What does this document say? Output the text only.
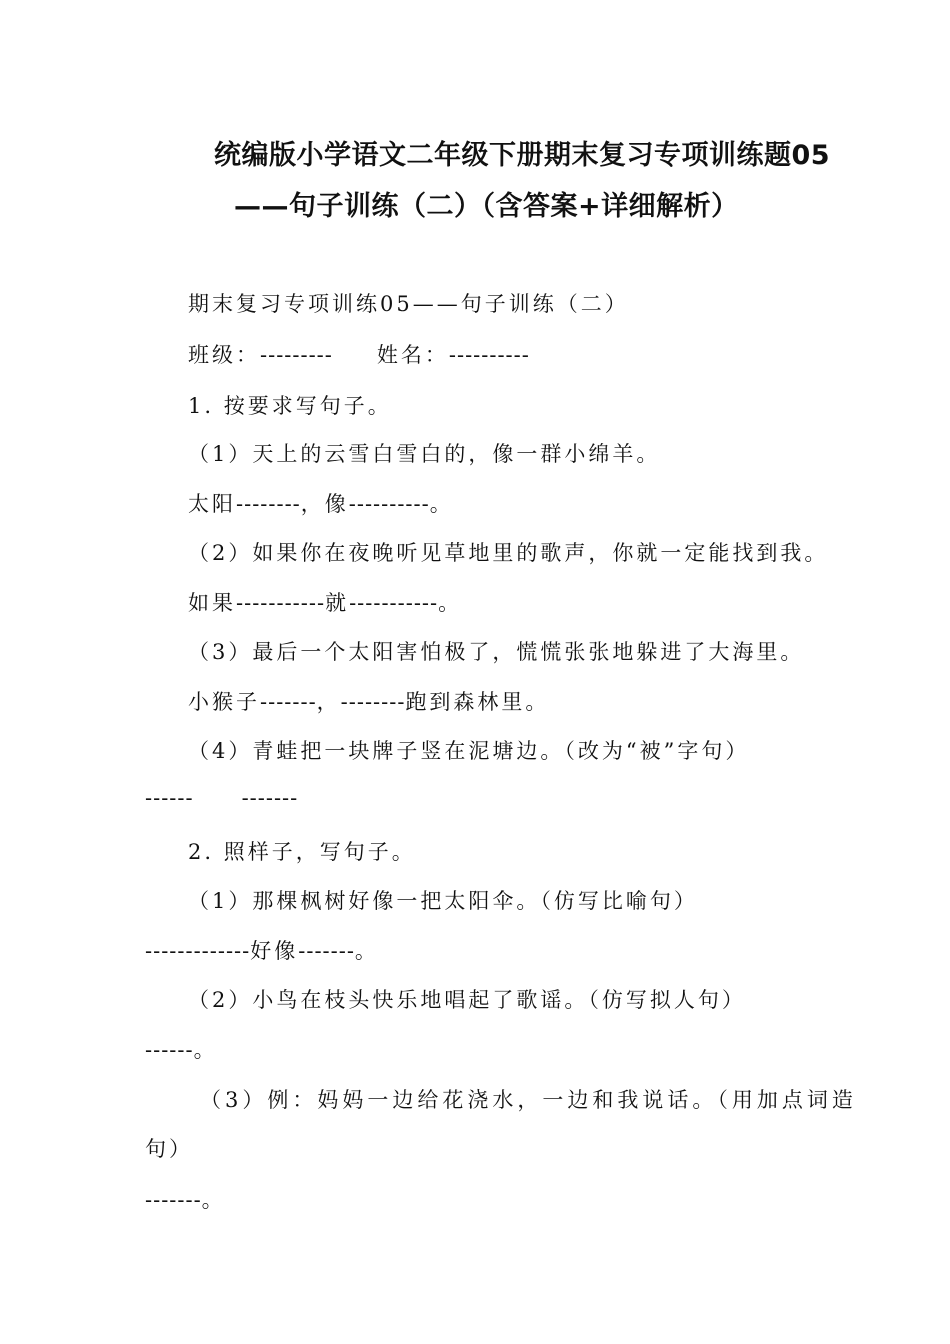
统编版小学语文二年级下册期末复习专项训练题05
——句子训练（二）（含答案+详细解析）
期末复习专项训练05——句子训练（二）
班级：--------- 姓名：----------
1. 按要求写句子。
（1）天上的云雪白雪白的，像一群小绵羊。
太阳--------，像----------。
（2）如果你在夜晚听见草地里的歌声，你就一定能找到我。
如果-----------就-----------。
（3）最后一个太阳害怕极了，慌慌张张地躲进了大海里。
小猴子-------，--------跑到森林里。
（4）青蛙把一块牌子竖在泥塘边。（改为“被”字句）
------ -------
2. 照样子，写句子。
（1）那棵枫树好像一把太阳伞。（仿写比喻句）
-------------好像-------。
（2）小鸟在枝头快乐地唱起了歌谣。（仿写拟人句）
------。
（3）例：妈妈一边给花浇水，一边和我说话。（用加点词造
句）
-------。
